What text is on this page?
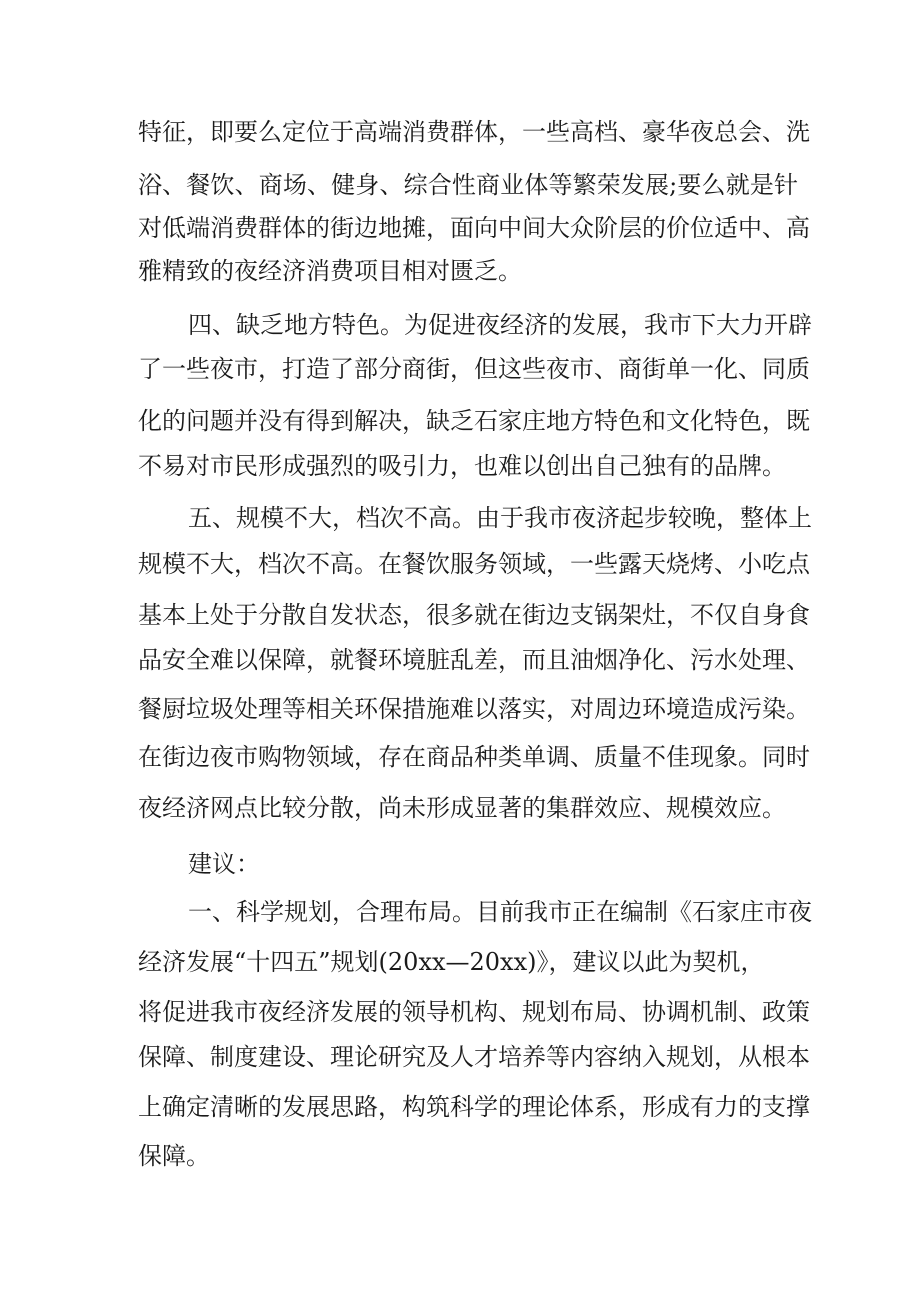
特征，即要么定位于高端消费群体，一些高档、豪华夜总会、洗
浴、餐饮、商场、健身、综合性商业体等繁荣发展;要么就是针
对低端消费群体的街边地摊，面向中间大众阶层的价位适中、高
雅精致的夜经济消费项目相对匮乏。
四、缺乏地方特色。为促进夜经济的发展，我市下大力开辟
了一些夜市，打造了部分商街，但这些夜市、商街单一化、同质
化的问题并没有得到解决，缺乏石家庄地方特色和文化特色，既
不易对市民形成强烈的吸引力，也难以创出自己独有的品牌。
五、规模不大，档次不高。由于我市夜济起步较晚，整体上
规模不大，档次不高。在餐饮服务领域，一些露天烧烤、小吃点
基本上处于分散自发状态，很多就在街边支锅架灶，不仅自身食
品安全难以保障，就餐环境脏乱差，而且油烟净化、污水处理、
餐厨垃圾处理等相关环保措施难以落实，对周边环境造成污染。
在街边夜市购物领域，存在商品种类单调、质量不佳现象。同时
夜经济网点比较分散，尚未形成显著的集群效应、规模效应。
建议：
一、科学规划，合理布局。目前我市正在编制《石家庄市夜
经济发展“十四五”规划(20xx—20xx)》，建议以此为契机，
将促进我市夜经济发展的领导机构、规划布局、协调机制、政策
保障、制度建设、理论研究及人才培养等内容纳入规划，从根本
上确定清晰的发展思路，构筑科学的理论体系，形成有力的支撑
保障。
